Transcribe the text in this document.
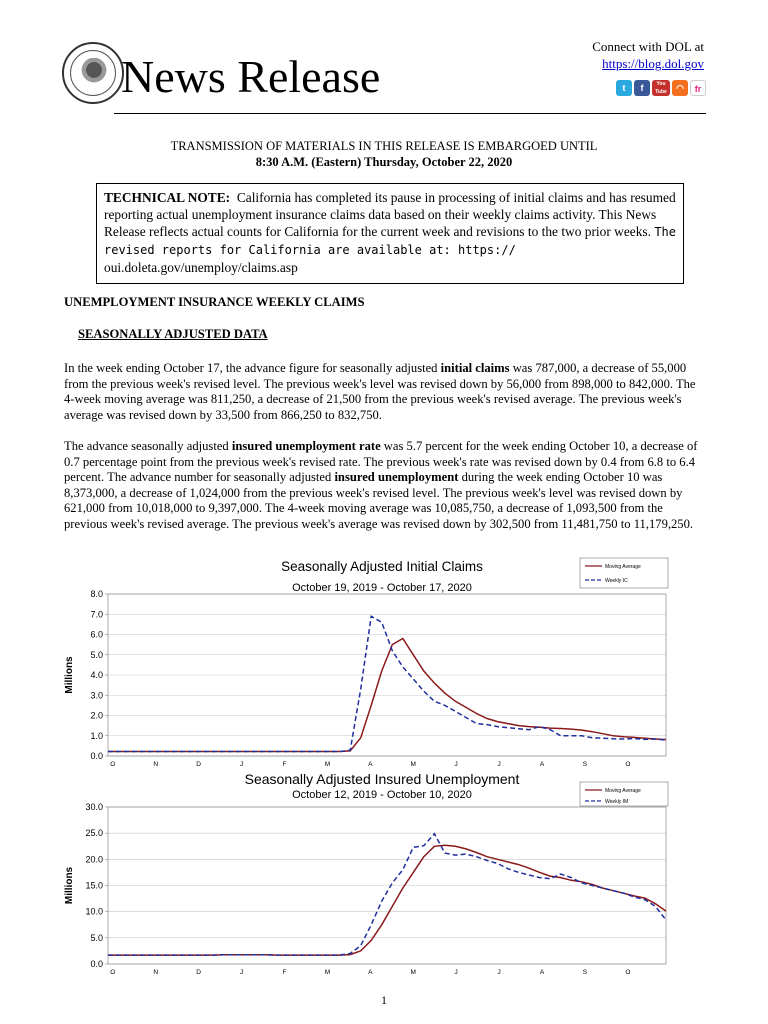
News Release
Connect with DOL at
https://blog.dol.gov
t	f	You Tube	◠	fr
TRANSMISSION OF MATERIALS IN THIS RELEASE IS EMBARGOED UNTIL
8:30 A.M. (Eastern) Thursday, October 22, 2020
TECHNICAL NOTE: California has completed its pause in processing of initial claims and has resumed reporting actual unemployment insurance claims data based on their weekly claims activity. This News Release reflects actual counts for California for the current week and revisions to the two prior weeks. The revised reports for California are available at: https:// oui.doleta.gov/unemploy/claims.asp
UNEMPLOYMENT INSURANCE WEEKLY CLAIMS
SEASONALLY ADJUSTED DATA
In the week ending October 17, the advance figure for seasonally adjusted initial claims was 787,000, a decrease of 55,000 from the previous week's revised level. The previous week's level was revised down by 56,000 from 898,000 to 842,000. The 4-week moving average was 811,250, a decrease of 21,500 from the previous week's revised average. The previous week's average was revised down by 33,500 from 866,250 to 832,750.
The advance seasonally adjusted insured unemployment rate was 5.7 percent for the week ending October 10, a decrease of 0.7 percentage point from the previous week's revised rate. The previous week's rate was revised down by 0.4 from 6.8 to 6.4 percent. The advance number for seasonally adjusted insured unemployment during the week ending October 10 was 8,373,000, a decrease of 1,024,000 from the previous week's revised level. The previous week's level was revised down by 621,000 from 10,018,000 to 9,397,000. The 4-week moving average was 10,085,750, a decrease of 1,093,500 from the previous week's revised average. The previous week's average was revised down by 302,500 from 11,481,750 to 11,179,250.
Seasonally Adjusted Initial Claims
October 19, 2019 - October 17, 2020
Millions
0.0
1.0
2.0
3.0
4.0
5.0
6.0
7.0
8.0
O	N	D	J	F	M	A	M	J	J	A	S	O
Moving Average
Weekly IC
Seasonally Adjusted Insured Unemployment
October 12, 2019 - October 10, 2020
Millions
0.0
5.0
10.0
15.0
20.0
25.0
30.0
O	N	D	J	F	M	A	M	J	J	A	S	O
Moving Average
Weekly IM
1
